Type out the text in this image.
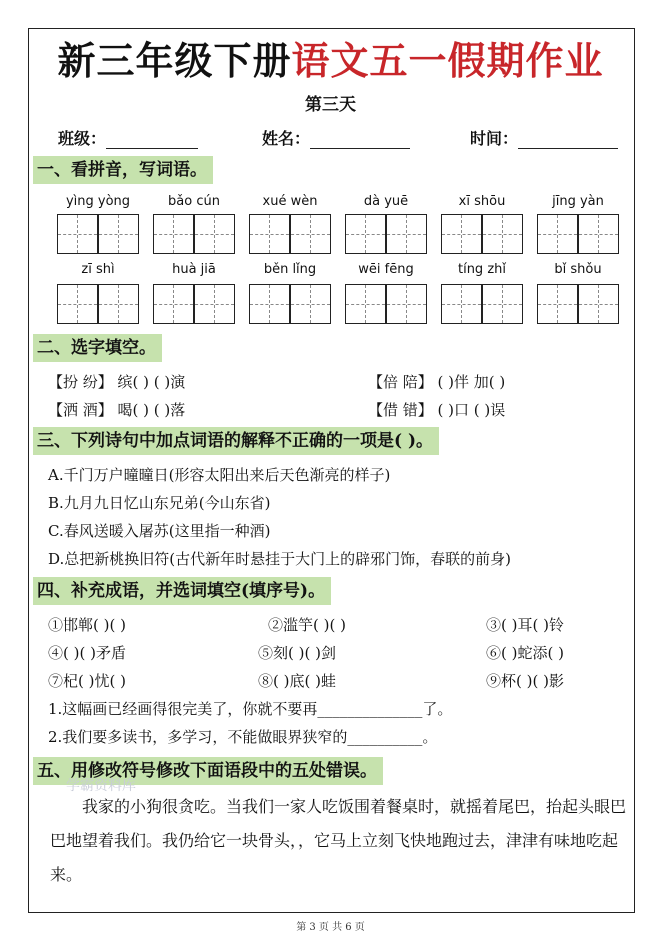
新三年级下册语文五一假期作业
第三天
班级：	姓名：	时间：
一、看拼音，写词语。
yìng yòng	bǎo cún	xué wèn	dà yuē	xī shōu	jīng yàn
zī shì	huà jiā	běn lǐng	wēi fēng	tíng zhǐ	bǐ shǒu
二、选字填空。
【扮 纷】 缤( ) ( )演	【倍 陪】 ( )伴 加( )
【洒 酒】 喝( ) ( )落	【借 错】 ( )口 ( )误
三、下列诗句中加点词语的解释不正确的一项是( )。
A.千门万户曈曈日(形容太阳出来后天色渐亮的样子)
B.九月九日忆山东兄弟(今山东省)
C.春风送暖入屠苏(这里指一种酒)
D.总把新桃换旧符(古代新年时悬挂于大门上的辟邪门饰，春联的前身)
四、补充成语，并选词填空(填序号)。
①邯郸( )( )	②滥竽( )( )	③( )耳( )铃
④( )( )矛盾	⑤刻( )( )剑	⑥( )蛇添( )
⑦杞( )忧( )	⑧( )底( )蛙	⑨杯( )( )影
1.这幅画已经画得很完美了，你就不要再______________了。
2.我们要多读书，多学习，不能做眼界狭窄的__________。
五、用修改符号修改下面语段中的五处错误。
学霸资料库
我家的小狗很贪吃。当我们一家人吃饭围着餐桌时，就摇着尾巴，抬起头眼巴巴地望着我们。我仍给它一块骨头，，它马上立刻飞快地跑过去，津津有味地吃起来。
第 3 页 共 6 页
